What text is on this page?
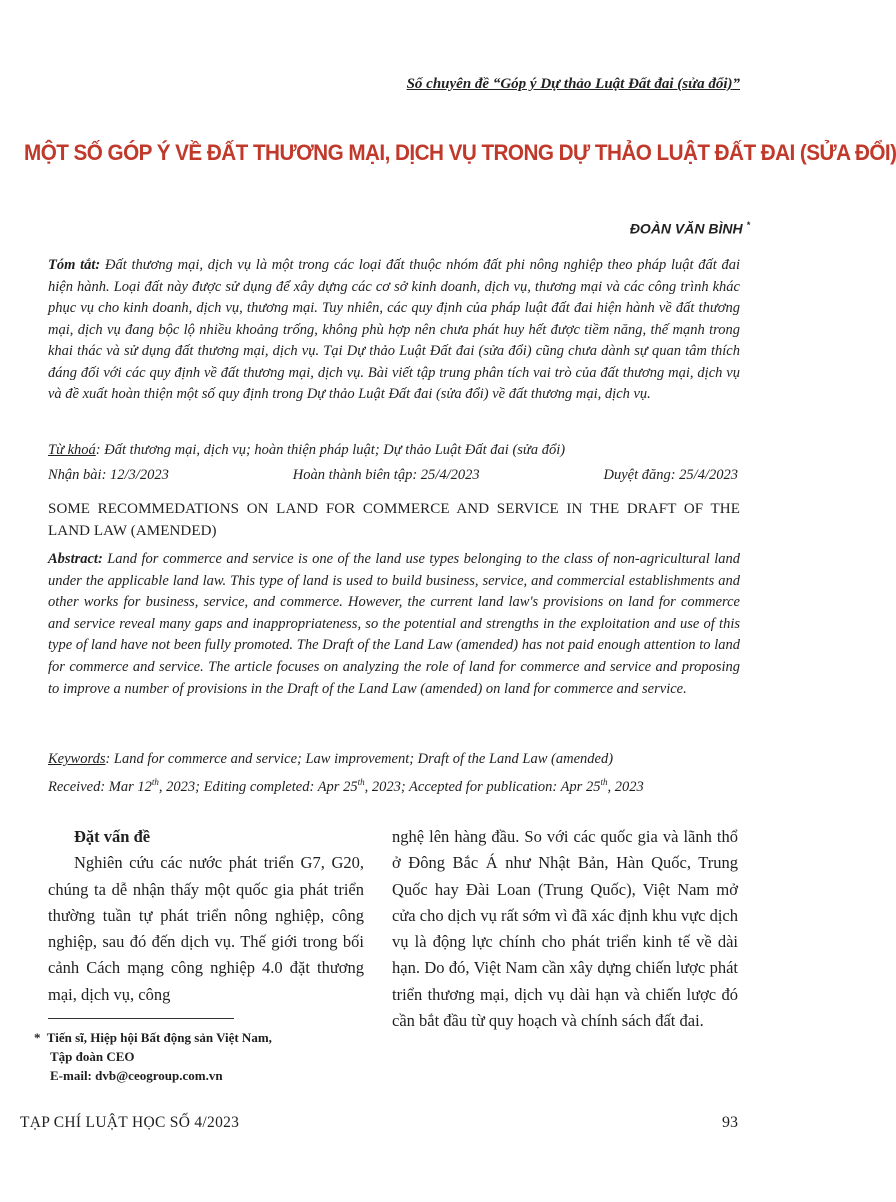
Số chuyên đề “Góp ý Dự thảo Luật Đất đai (sửa đổi)”
MỘT SỐ GÓP Ý VỀ ĐẤT THƯƠNG MẠI, DỊCH VỤ TRONG DỰ THẢO LUẬT ĐẤT ĐAI (SỬA ĐỔI)
ĐOÀN VĂN BÌNH *
Tóm tắt: Đất thương mại, dịch vụ là một trong các loại đất thuộc nhóm đất phi nông nghiệp theo pháp luật đất đai hiện hành. Loại đất này được sử dụng để xây dựng các cơ sở kinh doanh, dịch vụ, thương mại và các công trình khác phục vụ cho kinh doanh, dịch vụ, thương mại. Tuy nhiên, các quy định của pháp luật đất đai hiện hành về đất thương mại, dịch vụ đang bộc lộ nhiều khoảng trống, không phù hợp nên chưa phát huy hết được tiềm năng, thế mạnh trong khai thác và sử dụng đất thương mại, dịch vụ. Tại Dự thảo Luật Đất đai (sửa đổi) cũng chưa dành sự quan tâm thích đáng đối với các quy định về đất thương mại, dịch vụ. Bài viết tập trung phân tích vai trò của đất thương mại, dịch vụ và đề xuất hoàn thiện một số quy định trong Dự thảo Luật Đất đai (sửa đổi) về đất thương mại, dịch vụ.
Từ khoá: Đất thương mại, dịch vụ; hoàn thiện pháp luật; Dự thảo Luật Đất đai (sửa đổi)
Nhận bài: 12/3/2023	Hoàn thành biên tập: 25/4/2023	Duyệt đăng: 25/4/2023
SOME RECOMMEDATIONS ON LAND FOR COMMERCE AND SERVICE IN THE DRAFT OF THE LAND LAW (AMENDED)
Abstract: Land for commerce and service is one of the land use types belonging to the class of non-agricultural land under the applicable land law. This type of land is used to build business, service, and commercial establishments and other works for business, service, and commerce. However, the current land law's provisions on land for commerce and service reveal many gaps and inappropriateness, so the potential and strengths in the exploitation and use of this type of land have not been fully promoted. The Draft of the Land Law (amended) has not paid enough attention to land for commerce and service. The article focuses on analyzing the role of land for commerce and service and proposing to improve a number of provisions in the Draft of the Land Law (amended) on land for commerce and service.
Keywords: Land for commerce and service; Law improvement; Draft of the Land Law (amended)
Received: Mar 12th, 2023; Editing completed: Apr 25th, 2023; Accepted for publication: Apr 25th, 2023
Đặt vấn đề
Nghiên cứu các nước phát triển G7, G20, chúng ta dễ nhận thấy một quốc gia phát triển thường tuần tự phát triển nông nghiệp, công nghiệp, sau đó đến dịch vụ. Thế giới trong bối cảnh Cách mạng công nghiệp 4.0 đặt thương mại, dịch vụ, công
nghệ lên hàng đầu. So với các quốc gia và lãnh thổ ở Đông Bắc Á như Nhật Bản, Hàn Quốc, Trung Quốc hay Đài Loan (Trung Quốc), Việt Nam mở cửa cho dịch vụ rất sớm vì đã xác định khu vực dịch vụ là động lực chính cho phát triển kinh tế về dài hạn. Do đó, Việt Nam cần xây dựng chiến lược phát triển thương mại, dịch vụ dài hạn và chiến lược đó cần bắt đầu từ quy hoạch và chính sách đất đai.
* Tiến sĩ, Hiệp hội Bất động sản Việt Nam,
Tập đoàn CEO
E-mail: dvb@ceogroup.com.vn
TẠP CHÍ LUẬT HỌC SỐ 4/2023	93
